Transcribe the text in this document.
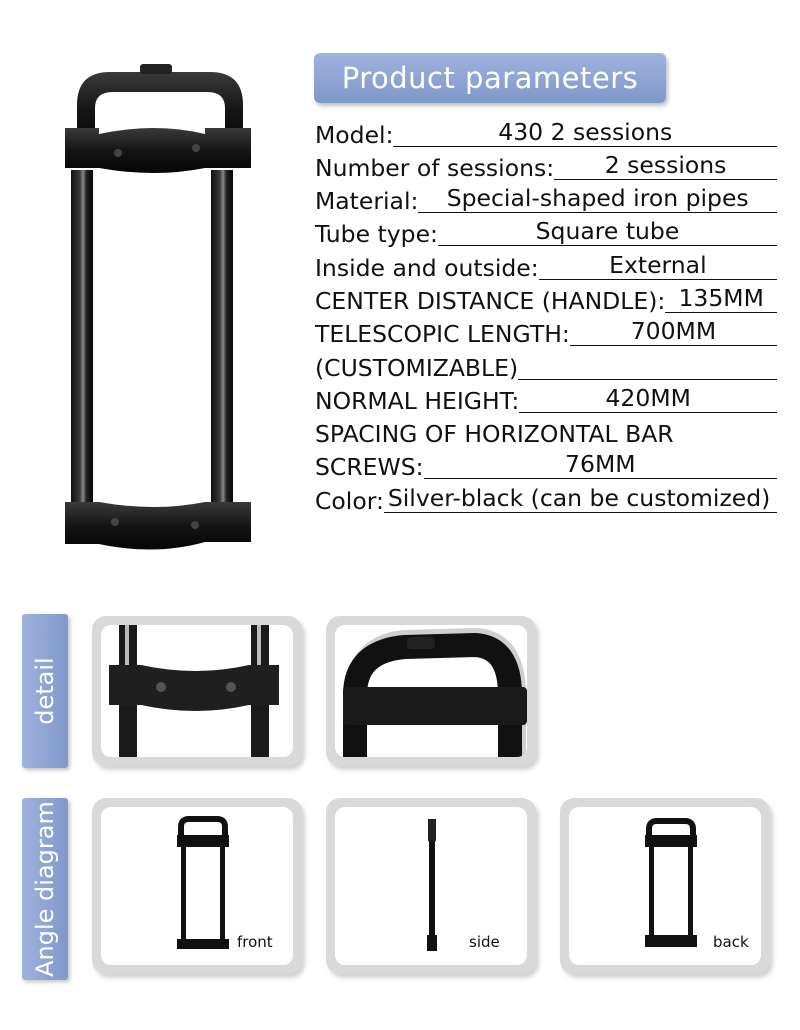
Product parameters
Model:	430 2 sessions
Number of sessions:	2 sessions
Material:	Special-shaped iron pipes
Tube type:	Square tube
Inside and outside:	External
CENTER DISTANCE (HANDLE): 135MM
TELESCOPIC LENGTH:	700MM
(CUSTOMIZABLE)
NORMAL HEIGHT:	420MM
SPACING OF HORIZONTAL BAR
SCREWS:	76MM
Color: Silver-black (can be customized)
detail
Angle diagram	front	side	back
